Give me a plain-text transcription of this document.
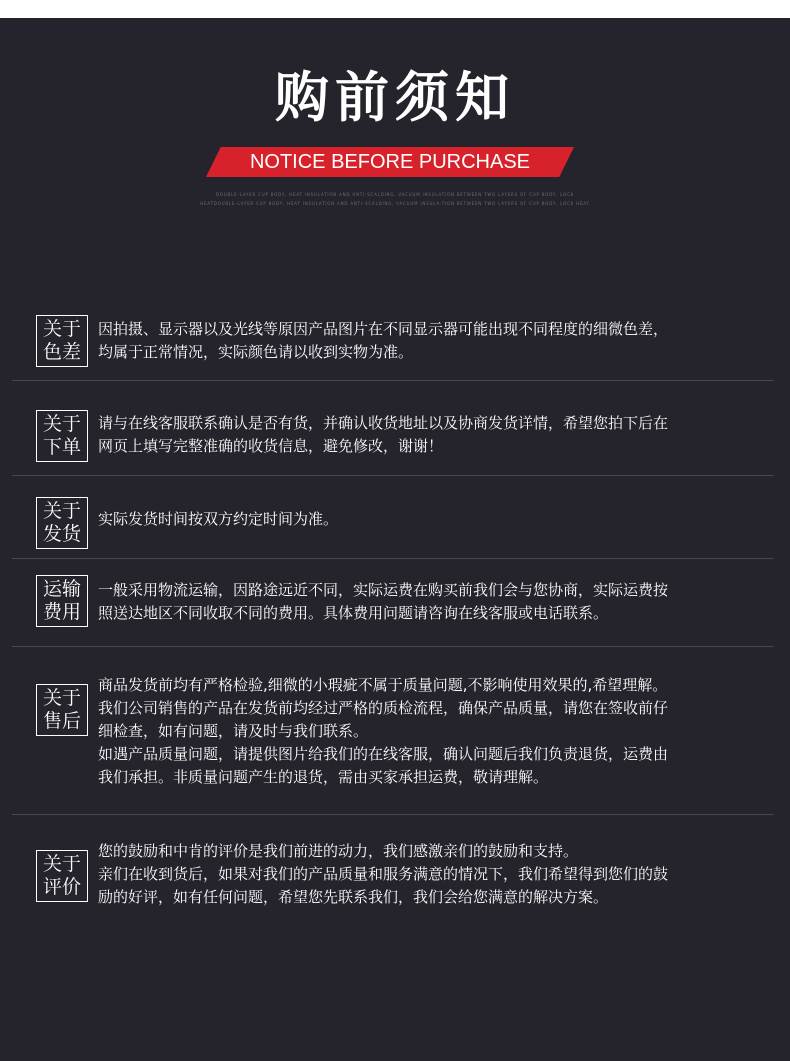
购前须知
NOTICE BEFORE PURCHASE
DOUBLE-LAYER CUP BODY, HEAT INSULATION AND ANTI-SCALDING, VACUUM INSULATION BETWEEN TWO LAYERS OF CUP BODY, LOCK HEATDOUBLE-LAYER CUP BODY, HEAT INSULATION AND ANTI-SCALDING, VACUUM INSULA-TION BETWEEN TWO LAYERS OF CUP BODY, LOCK HEAT
关于
色差

因拍摄、显示器以及光线等原因产品图片在不同显示器可能出现不同程度的细微色差，

均属于正常情况，实际颜色请以收到实物为准。

关于
下单

请与在线客服联系确认是否有货，并确认收货地址以及协商发货详情，希望您拍下后在

网页上填写完整准确的收货信息，避免修改，谢谢！

关于
发货

实际发货时间按双方约定时间为准。

运输
费用

一般采用物流运输，因路途远近不同，实际运费在购买前我们会与您协商，实际运费按

照送达地区不同收取不同的费用。具体费用问题请咨询在线客服或电话联系。

关于
售后

商品发货前均有严格检验,细微的小瑕疵不属于质量问题,不影响使用效果的,希望理解。

我们公司销售的产品在发货前均经过严格的质检流程，确保产品质量，请您在签收前仔

细检查，如有问题，请及时与我们联系。

如遇产品质量问题，请提供图片给我们的在线客服，确认问题后我们负责退货，运费由

我们承担。非质量问题产生的退货，需由买家承担运费，敬请理解。

关于
评价

您的鼓励和中肯的评价是我们前进的动力，我们感激亲们的鼓励和支持。

亲们在收到货后，如果对我们的产品质量和服务满意的情况下，我们希望得到您们的鼓

励的好评，如有任何问题，希望您先联系我们，我们会给您满意的解决方案。
